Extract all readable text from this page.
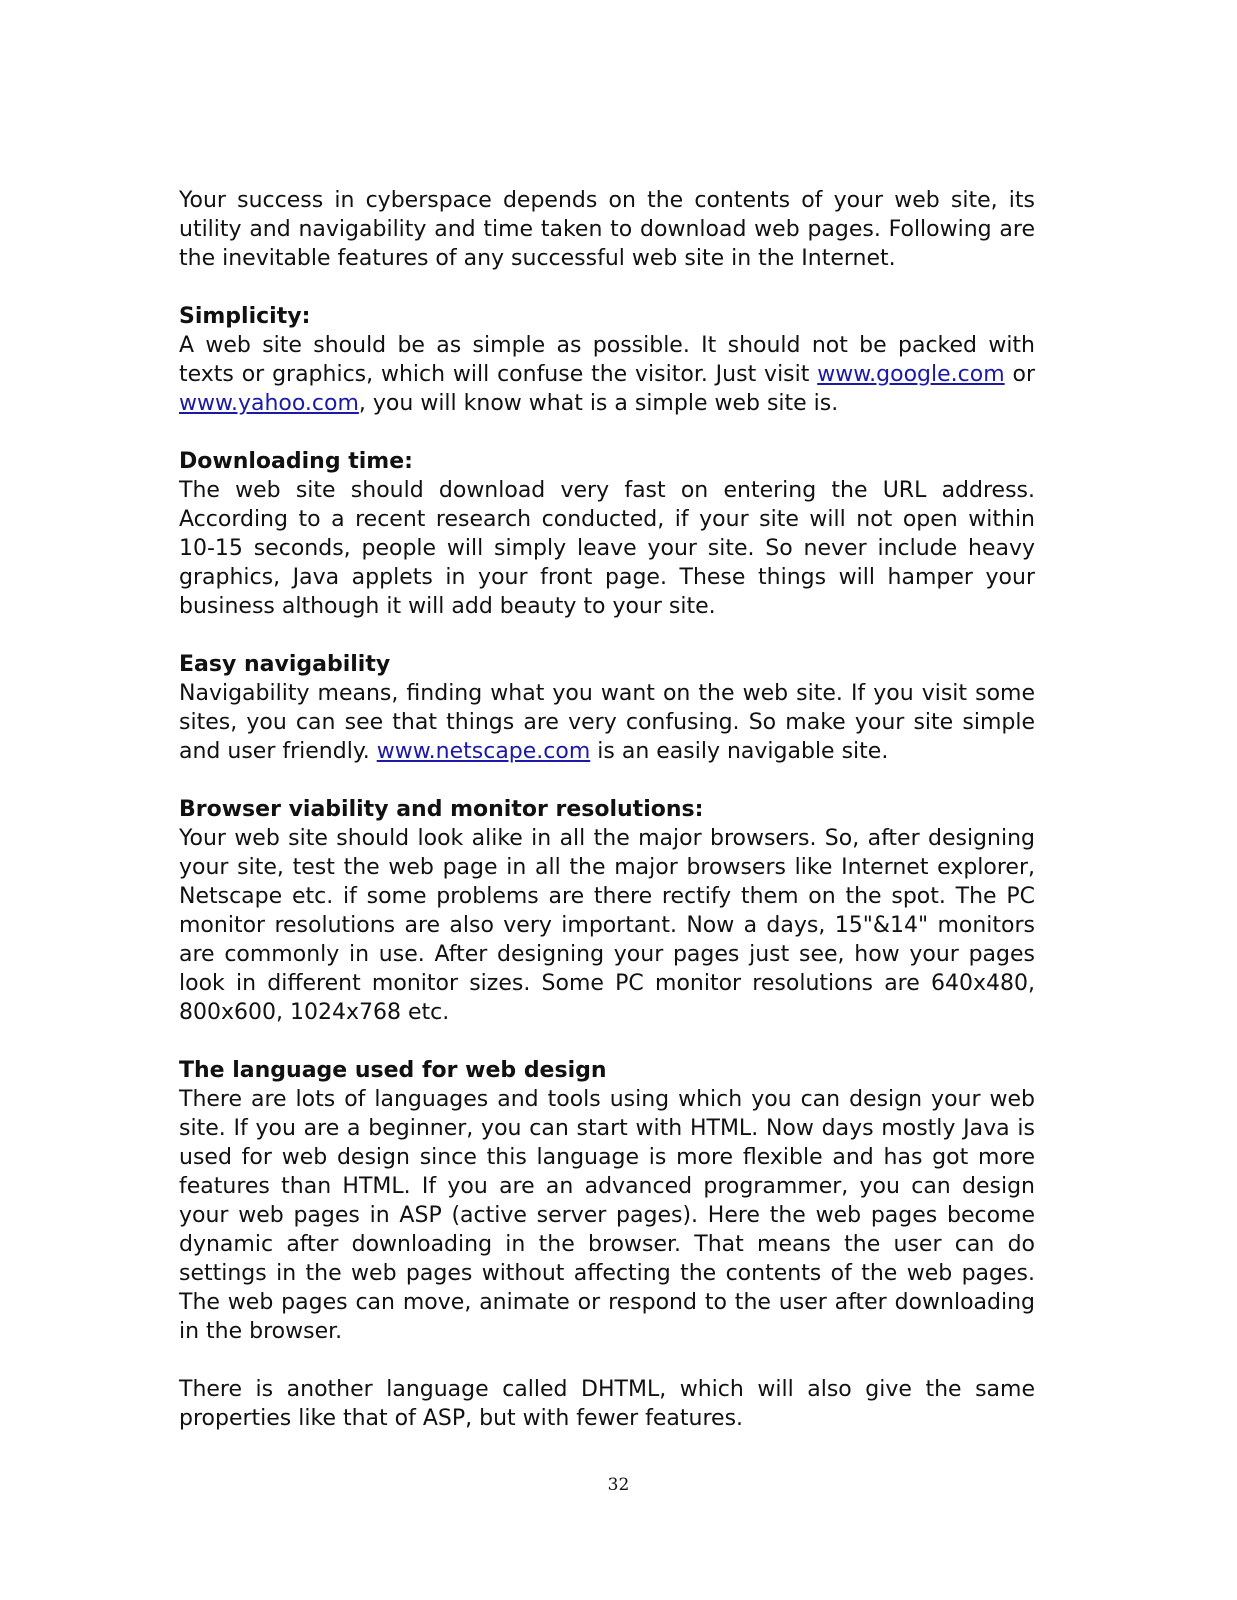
Your success in cyberspace depends on the contents of your web site, its utility and navigability and time taken to download web pages. Following are the inevitable features of any successful web site in the Internet.

Simplicity:

A web site should be as simple as possible. It should not be packed with texts or graphics, which will confuse the visitor. Just visit www.google.com or www.yahoo.com, you will know what is a simple web site is.

Downloading time:

The web site should download very fast on entering the URL address. According to a recent research conducted, if your site will not open within 10-15 seconds, people will simply leave your site. So never include heavy graphics, Java applets in your front page. These things will hamper your business although it will add beauty to your site.

Easy navigability

Navigability means, finding what you want on the web site. If you visit some sites, you can see that things are very confusing. So make your site simple and user friendly. www.netscape.com is an easily navigable site.

Browser viability and monitor resolutions:

Your web site should look alike in all the major browsers. So, after designing your site, test the web page in all the major browsers like Internet explorer, Netscape etc. if some problems are there rectify them on the spot. The PC monitor resolutions are also very important. Now a days, 15"&14" monitors are commonly in use. After designing your pages just see, how your pages look in different monitor sizes. Some PC monitor resolutions are 640x480, 800x600, 1024x768 etc.

The language used for web design

There are lots of languages and tools using which you can design your web site. If you are a beginner, you can start with HTML. Now days mostly Java is used for web design since this language is more flexible and has got more features than HTML. If you are an advanced programmer, you can design your web pages in ASP (active server pages). Here the web pages become dynamic after downloading in the browser. That means the user can do settings in the web pages without affecting the contents of the web pages. The web pages can move, animate or respond to the user after downloading in the browser.

There is another language called DHTML, which will also give the same properties like that of ASP, but with fewer features.

32
